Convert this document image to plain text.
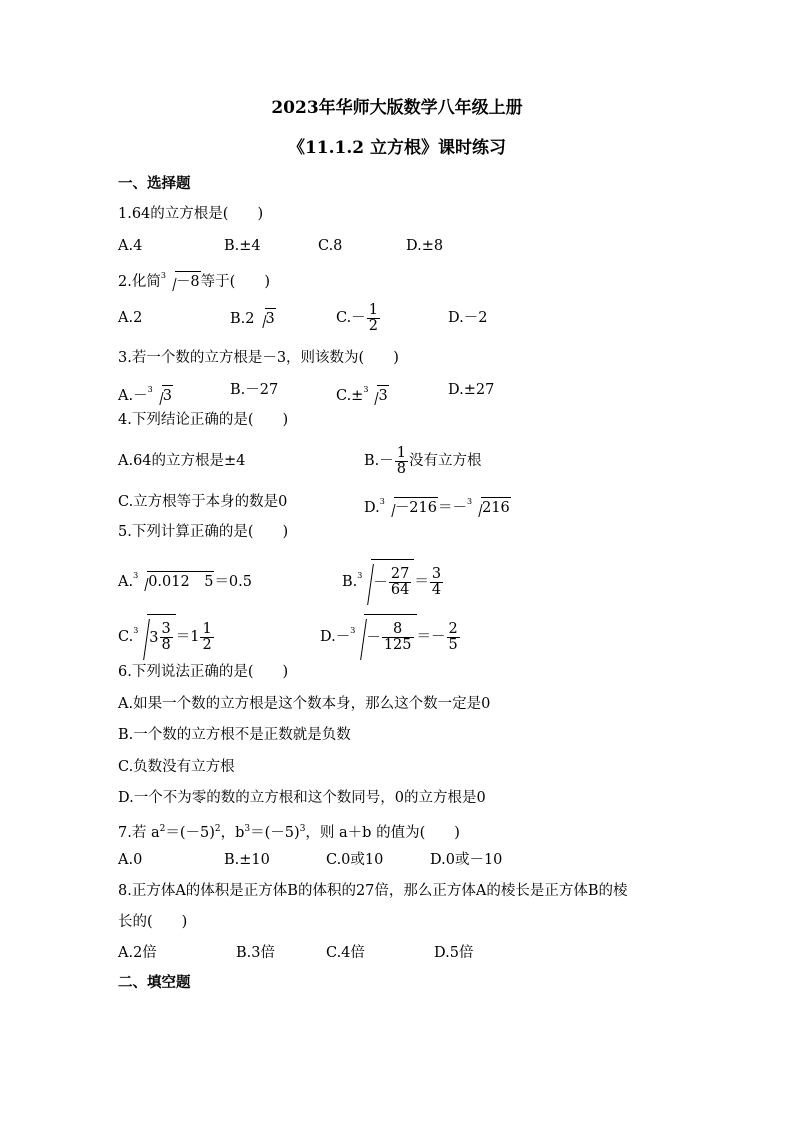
2023年华师大版数学八年级上册
《11.1.2 立方根》课时练习
一、选择题
1.64的立方根是(　　)
A.4	B.±4	C.8	D.±8
2.化简$^3$ －8等于(　　)
A.2	B.2 3	$C.- \frac{1}{2}$	D.－2
3.若一个数的立方根是－3，则该数为(　　)
A.－$^3$ 3	B.－27	C.±$^3$ 3	D.±27
4.下列结论正确的是(　　)
A.64的立方根是±4	$B.- \frac{1}{8}$ 没有立方根
C.立方根等于本身的数是0	D.$^3$ －216＝－$^3$ 216
5.下列计算正确的是(　　)
A.$^3$ 0.012　5＝0.5	$B.^3 - \frac{27}{64} = \frac{3}{4}$
C.$^3$ $3 \frac{3}{8} =1 \frac{1}{2}$	$D.-^3 - \frac{8}{125} =- \frac{2}{5}$
6.下列说法正确的是(　　)
A.如果一个数的立方根是这个数本身，那么这个数一定是0
B.一个数的立方根不是正数就是负数
C.负数没有立方根
D.一个不为零的数的立方根和这个数同号，0的立方根是0
7.若 $a^2=(-5)^2$，$b^3=(-5)^3$，则 a＋b 的值为(　　)
A.0	B.±10	C.0或10	D.0或－10
8.正方体A的体积是正方体B的体积的27倍，那么正方体A的棱长是正方体B的棱
长的(　　)
A.2倍	B.3倍	C.4倍	D.5倍
二、填空题
